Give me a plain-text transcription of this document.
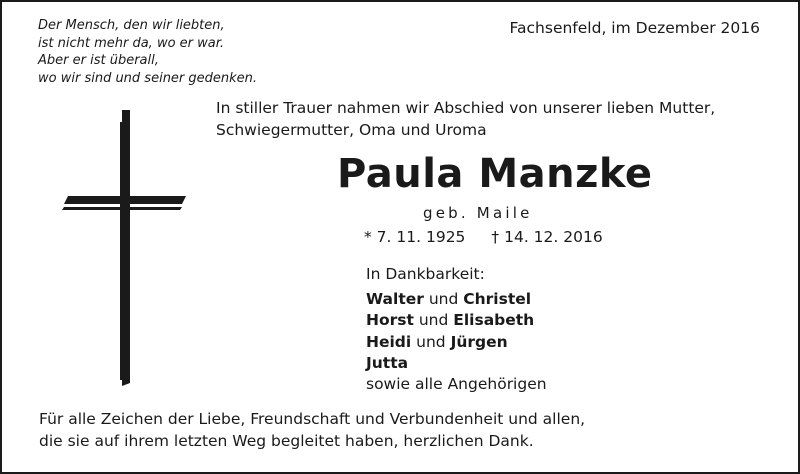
Der Mensch, den wir liebten,
ist nicht mehr da, wo er war.
Aber er ist überall,
wo wir sind und seiner gedenken.
Fachsenfeld, im Dezember 2016
In stiller Trauer nahmen wir Abschied von unserer lieben Mutter,
Schwiegermutter, Oma und Uroma
Paula Manzke
geb. Maile
* 7. 11. 1925 † 14. 12. 2016
In Dankbarkeit:
Walter und Christel
Horst und Elisabeth
Heidi und Jürgen
Jutta
sowie alle Angehörigen
Für alle Zeichen der Liebe, Freundschaft und Verbundenheit und allen,
die sie auf ihrem letzten Weg begleitet haben, herzlichen Dank.
